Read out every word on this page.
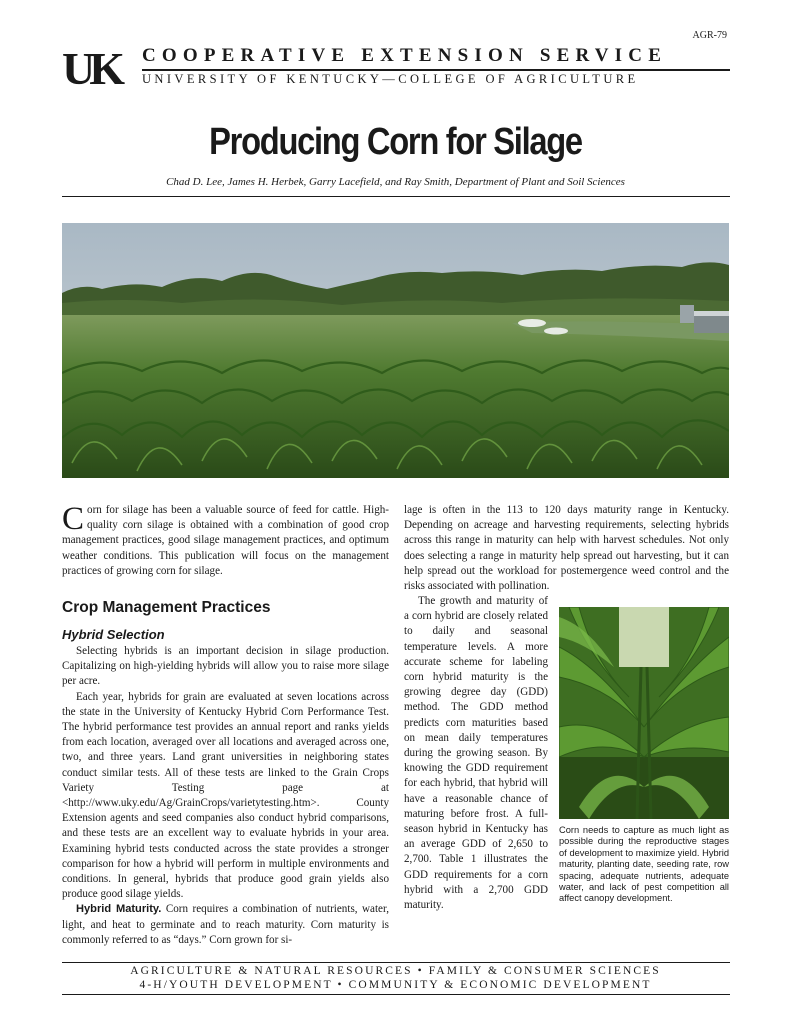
AGR-79
UK	COOPERATIVE EXTENSION SERVICE
UNIVERSITY OF KENTUCKY—COLLEGE OF AGRICULTURE
Producing Corn for Silage
Chad D. Lee, James H. Herbek, Garry Lacefield, and Ray Smith, Department of Plant and Soil Sciences

Corn for silage has been a valuable source of feed for cattle. High-quality corn silage is obtained with a combination of good crop management practices, good silage management practices, and optimum weather conditions. This publication will focus on the management practices of growing corn for silage.

Crop Management Practices

Hybrid Selection

Selecting hybrids is an important decision in silage production. Capitalizing on high-yielding hybrids will allow you to raise more silage per acre.

Each year, hybrids for grain are evaluated at seven locations across the state in the University of Kentucky Hybrid Corn Performance Test. The hybrid performance test provides an annual report and ranks yields from each location, averaged over all locations and averaged across one, two, and three years. Land grant universities in neighboring states conduct similar tests. All of these tests are linked to the Grain Crops Variety Testing page at <http://www.uky.edu/Ag/GrainCrops/varietytesting.htm>. County Extension agents and seed companies also conduct hybrid comparisons, and these tests are an excellent way to evaluate hybrids in your area. Examining hybrid tests conducted across the state provides a stronger comparison for how a hybrid will perform in multiple environments and conditions. In general, hybrids that produce good grain yields also produce good silage yields.

Hybrid Maturity. Corn requires a combination of nutrients, water, light, and heat to germinate and to reach maturity. Corn maturity is commonly referred to as “days.” Corn grown for si-

lage is often in the 113 to 120 days maturity range in Kentucky. Depending on acreage and harvesting requirements, selecting hybrids across this range in maturity can help with harvest schedules. Not only does selecting a range in maturity help spread out harvesting, but it can help spread out the workload for postemergence weed control and the risks associated with pollination.

The growth and maturity of a corn hybrid are closely related to daily and seasonal temperature levels. A more accurate scheme for labeling corn hybrid maturity is the growing degree day (GDD) method. The GDD method predicts corn maturities based on mean daily temperatures during the growing season. By knowing the GDD requirement for each hybrid, that hybrid will have a reasonable chance of maturing before frost. A full-season hybrid in Kentucky has an average GDD of 2,650 to 2,700. Table 1 illustrates the GDD requirements for a corn hybrid with a 2,700 GDD maturity.

Corn needs to capture as much light as possible during the reproductive stages of development to maximize yield. Hybrid maturity, planting date, seeding rate, row spacing, adequate nutrients, adequate water, and lack of pest competition all affect canopy development.
AGRICULTURE & NATURAL RESOURCES • FAMILY & CONSUMER SCIENCES
4-H/YOUTH DEVELOPMENT • COMMUNITY & ECONOMIC DEVELOPMENT
